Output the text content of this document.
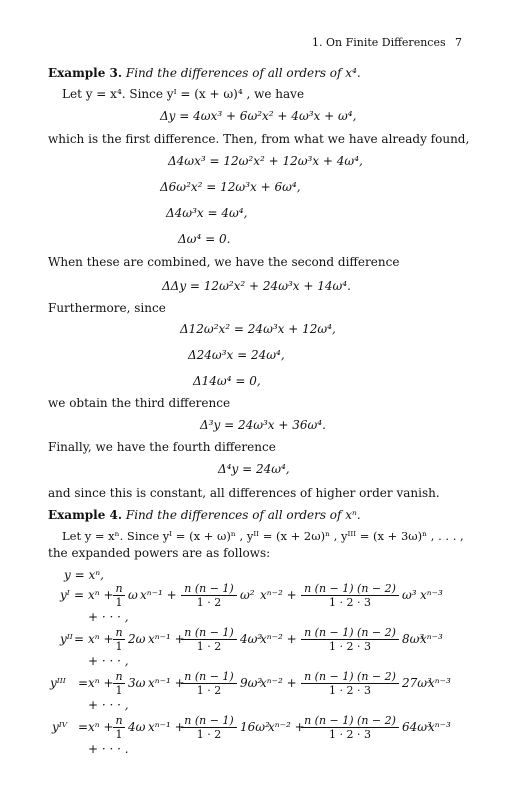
1. On Finite Differences 7
Example 3. Find the differences of all orders of x⁴.
Let y = x⁴. Since yᴵ = (x + ω)⁴ , we have
Δy = 4ωx³ + 6ω²x² + 4ω³x + ω⁴,
which is the first difference. Then, from what we have already found,
Δ4ωx³ = 12ω²x² + 12ω³x + 4ω⁴,
Δ6ω²x² = 12ω³x + 6ω⁴,
Δ4ω³x = 4ω⁴,
Δω⁴ = 0.
When these are combined, we have the second difference
ΔΔy = 12ω²x² + 24ω³x + 14ω⁴.
Furthermore, since
Δ12ω²x² = 24ω³x + 12ω⁴,
Δ24ω³x = 24ω⁴,
Δ14ω⁴ = 0,
we obtain the third difference
Δ³y = 24ω³x + 36ω⁴.
Finally, we have the fourth difference
Δ⁴y = 24ω⁴,
and since this is constant, all differences of higher order vanish.
Example 4. Find the differences of all orders of xⁿ.
Let y = xⁿ. Since yᴵ = (x + ω)ⁿ , yᴵᴵ = (x + 2ω)ⁿ , yᴵᴵᴵ = (x + 3ω)ⁿ , . . . ,
the expanded powers are as follows:
y = xⁿ,
yᴵ = xⁿ + n
1
ω xⁿ⁻¹ + n (n − 1)
1 · 2
ω² xⁿ⁻² + n (n − 1) (n − 2)
1 · 2 · 3
ω³ xⁿ⁻³
+ · · · ,
yᴵᴵ = xⁿ + n
1
2ω xⁿ⁻¹ + n (n − 1)
1 · 2
4ω²
xⁿ⁻² + n (n − 1) (n − 2)
1 · 2 · 3
8ω³
xⁿ⁻³
+ · · · ,
yᴵᴵᴵ = xⁿ + n
1
3ω xⁿ⁻¹ + n (n − 1)
1 · 2
9ω²
xⁿ⁻² + n (n − 1) (n − 2)
1 · 2 · 3
27ω³
xⁿ⁻³
+ · · · ,
yᴵⱽ = xⁿ + n
1
4ω xⁿ⁻¹ + n (n − 1)
1 · 2
16ω²
xⁿ⁻² + n (n − 1) (n − 2)
1 · 2 · 3
64ω³
xⁿ⁻³
+ · · · .
